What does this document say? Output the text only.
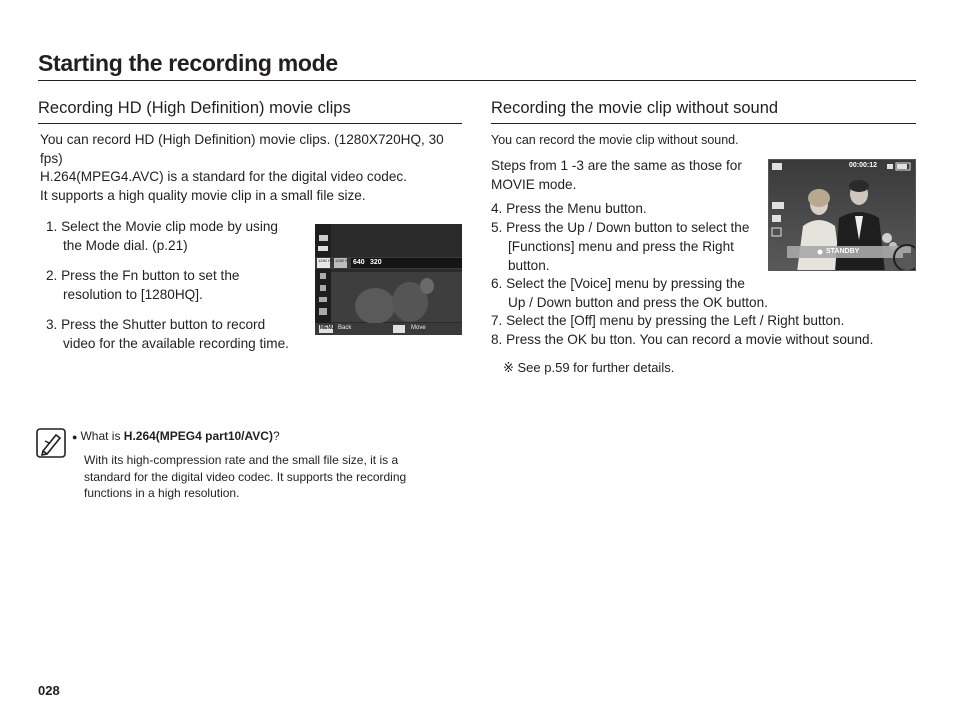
Starting the recording mode
Recording HD (High Definition) movie clips
You can record HD (High Definition) movie clips. (1280X720HQ, 30
fps)
H.264(MPEG4.AVC) is a standard for the digital video codec.
It supports a high quality movie clip in a small file size.
1. Select the Movie clip mode by using
the Mode dial. (p.21)
2. Press the Fn button to set the
resolution to [1280HQ].
3. Press the Shutter button to record
video for the available recording time.
1280 HQ 1280 SQ 640 320
MENU Back	Move
● What is H.264(MPEG4 part10/AVC)?
With its high-compression rate and the small file size, it is a
standard for the digital video codec. It supports the recording
functions in a high resolution.
Recording the movie clip without sound
You can record the movie clip without sound.
Steps from 1 -3 are the same as those for
MOVIE mode.
4. Press the Menu button.
5. Press the Up / Down button to select the
[Functions] menu and press the Right
button.
6. Select the [Voice] menu by pressing the
Up / Down button and press the OK button.
7. Select the [Off] menu by pressing the Left / Right button.
8. Press the OK bu tton. You can record a movie without sound.
※ See p.59 for further details.
00:00:12
STANDBY
028
